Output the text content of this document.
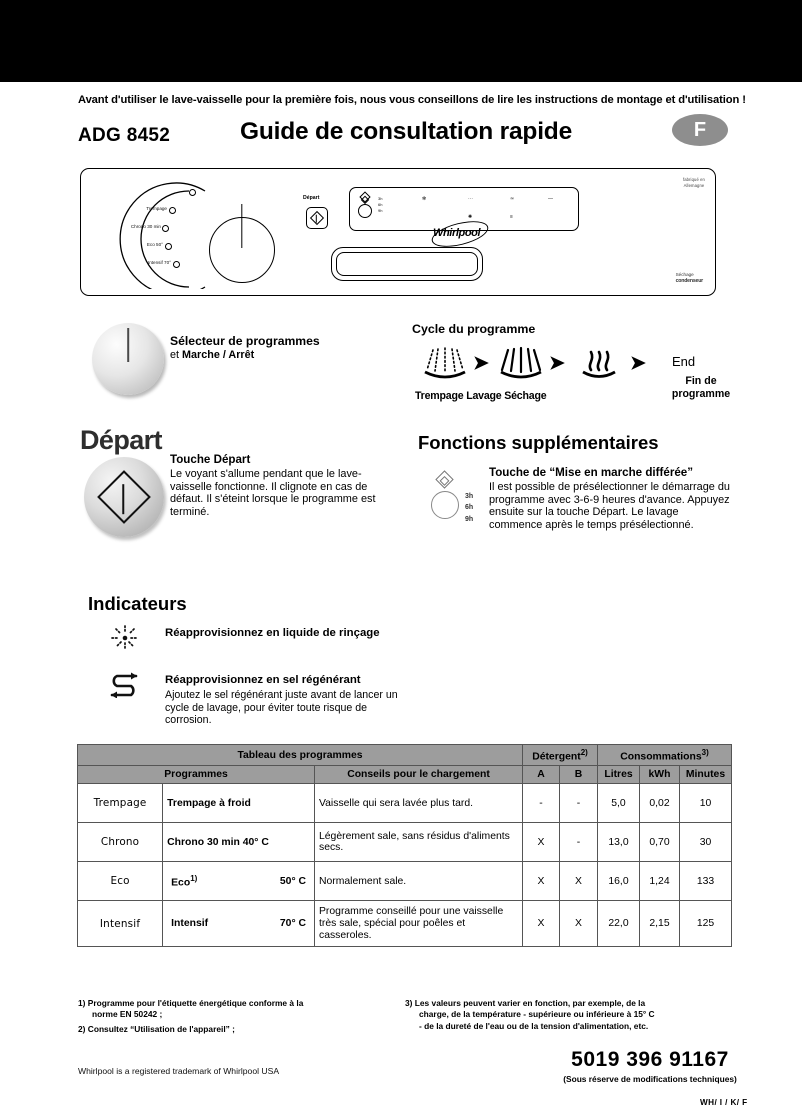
Avant d'utiliser le lave-vaisselle pour la première fois, nous vous conseillons de lire les instructions de montage et d'utilisation !
ADG 8452	Guide de consultation rapide	F
fabriqué en
Allemagne
Séchage
condenseur
Trempage
Chrono 30 min
Eco 50°
Intensif 70°
Départ	3h
6h
9h
✻	⋯	≃	—
✺	≡
Whirlpool
Sélecteur de programmes
et Marche / Arrêt
Cycle du programme
➤	➤	➤
Trempage Lavage Séchage
End
Fin de
programme
Départ
Touche Départ
Le voyant s'allume pendant que le lave-vaisselle fonctionne. Il clignote en cas de défaut. Il s'éteint lorsque le programme est terminé.
Fonctions supplémentaires
3h
6h
9h
Touche de “Mise en marche différée”
Il est possible de présélectionner le démarrage du programme avec 3-6-9 heures d'avance. Appuyez ensuite sur la touche Départ. Le lavage commence après le temps présélectionné.
Indicateurs
Réapprovisionnez en liquide de rinçage
Réapprovisionnez en sel régénérant
Ajoutez le sel régénérant juste avant de lancer un cycle de lavage, pour éviter toute risque de corrosion.
Tableau des programmes			Détergent$^{2)}$		Consommations$^{3)}$
Programmes		Conseils pour le chargement	A	B	Litres	kWh	Minutes
Trempage	Trempage à froid	Vaisselle qui sera lavée plus tard.	-	-	5,0	0,02	10
Chrono	Chrono 30 min 40° C	Légèrement sale, sans résidus d'aliments secs.	X	-	13,0	0,70	30
Eco	Eco$^{1)}$ 50° C	Normalement sale.	X	X	16,0	1,24	133
Intensif	Intensif 70° C	Programme conseillé pour une vaisselle très sale, spécial pour poêles et casseroles.	X	X	22,0	2,15	125
1) Programme pour l'étiquette énergétique conforme à la
norme EN 50242 ;
2) Consultez “Utilisation de l'appareil” ;
3) Les valeurs peuvent varier en fonction, par exemple, de la
charge, de la température - supérieure ou inférieure à 15° C
- de la dureté de l'eau ou de la tension d'alimentation, etc.
Whirlpool is a registered trademark of Whirlpool USA	5019 396 91167
(Sous réserve de modifications techniques)
WH/ I / K/ F
